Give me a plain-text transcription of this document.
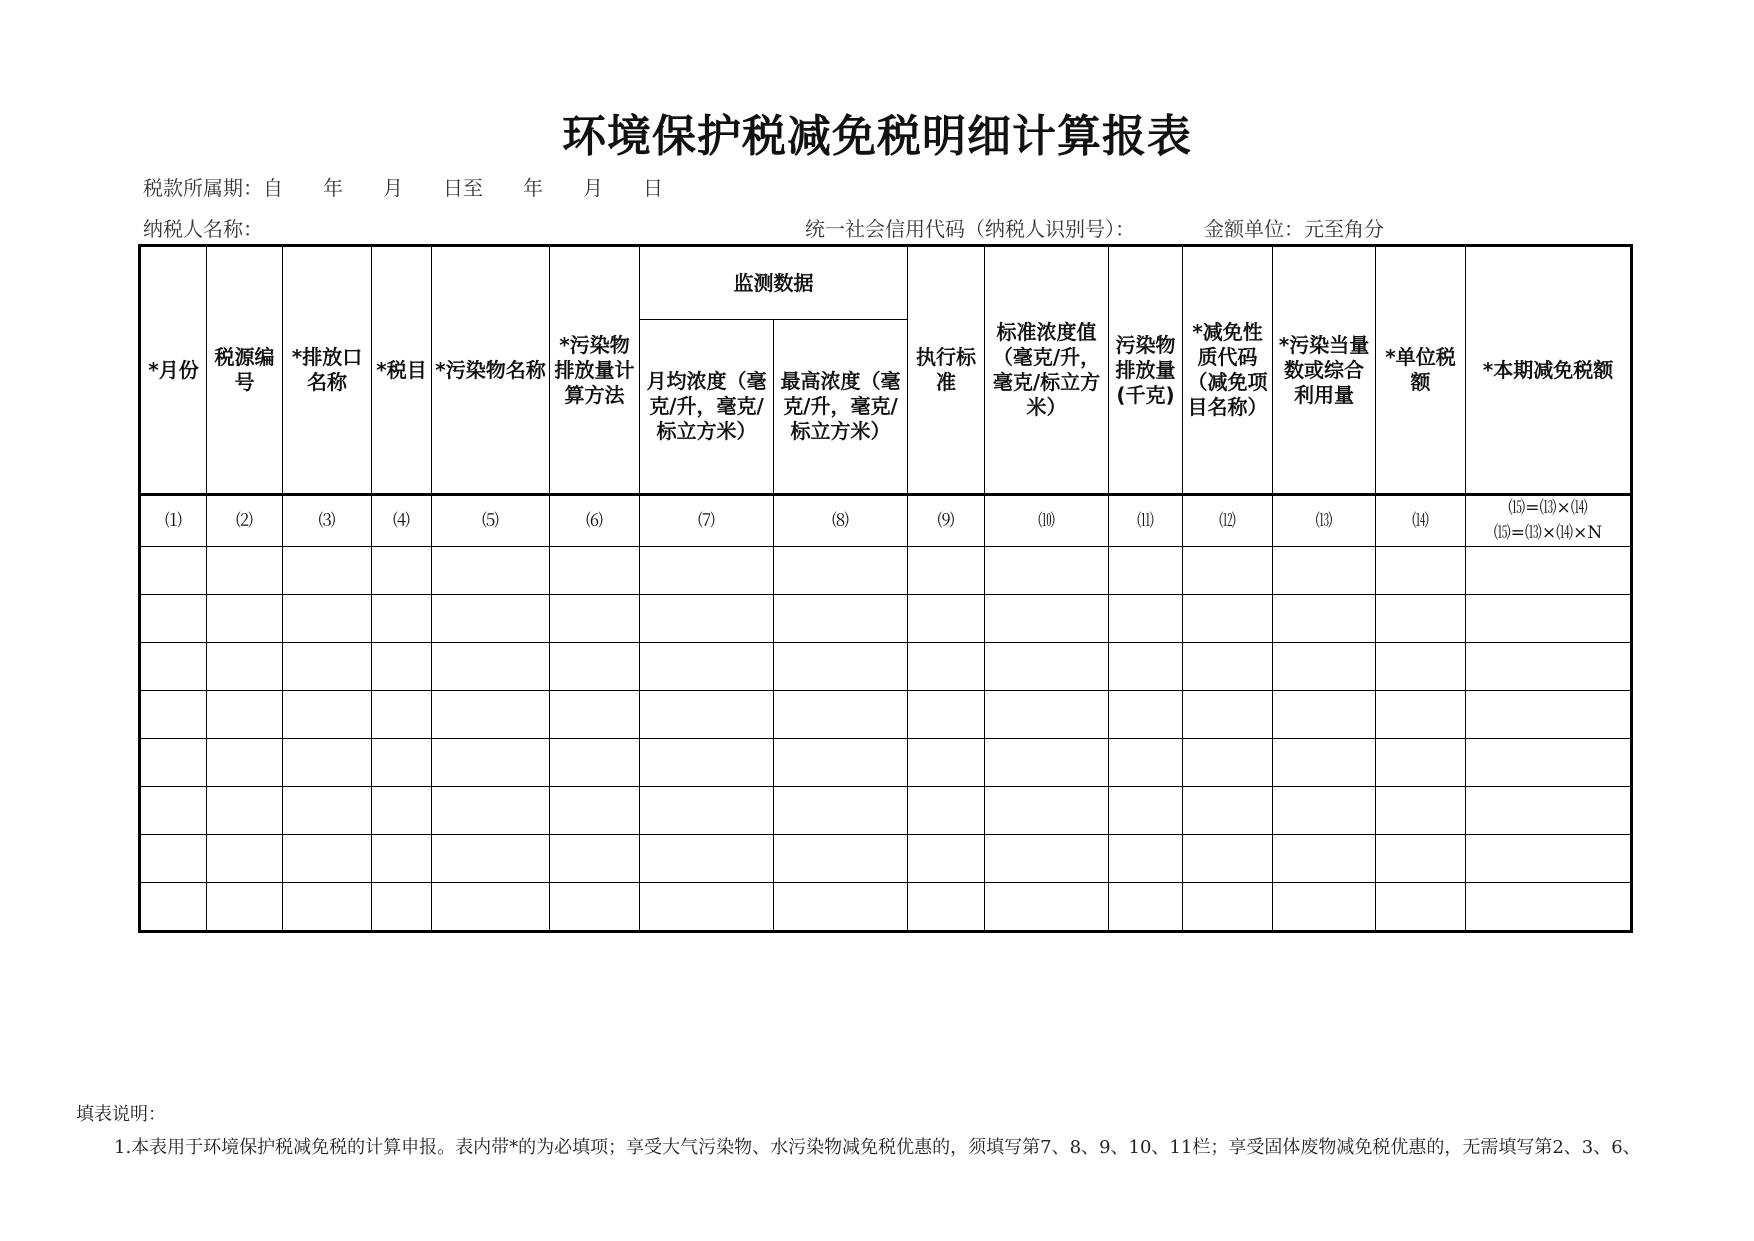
环境保护税减免税明细计算报表
税款所属期：自　　年　　月　　日至　　年　　月　　日
纳税人名称：	统一社会信用代码（纳税人识别号）：	金额单位：元至角分
*月份	税源编号	*排放口名称	*税目	*污染物名称	*污染物排放量计算方法	监测数据		执行标准	标准浓度值（毫克/升，毫克/标立方米）	污染物排放量(千克)	*减免性质代码（减免项目名称）	*污染当量数或综合利用量	*单位税额	*本期减免税额
						月均浓度（毫克/升，毫克/标立方米）	最高浓度（毫克/升，毫克/标立方米）							
⑴	⑵	⑶	⑷	⑸	⑹	⑺	⑻	⑼	⑽	⑾	⑿	⒀	⒁	⒂=⒀×⒁
⒂=⒀×⒁×N

填表说明：
1.本表用于环境保护税减免税的计算申报。表内带*的为必填项；享受大气污染物、水污染物减免税优惠的，须填写第7、8、9、10、11栏；享受固体废物减免税优惠的，无需填写第2、3、6、
